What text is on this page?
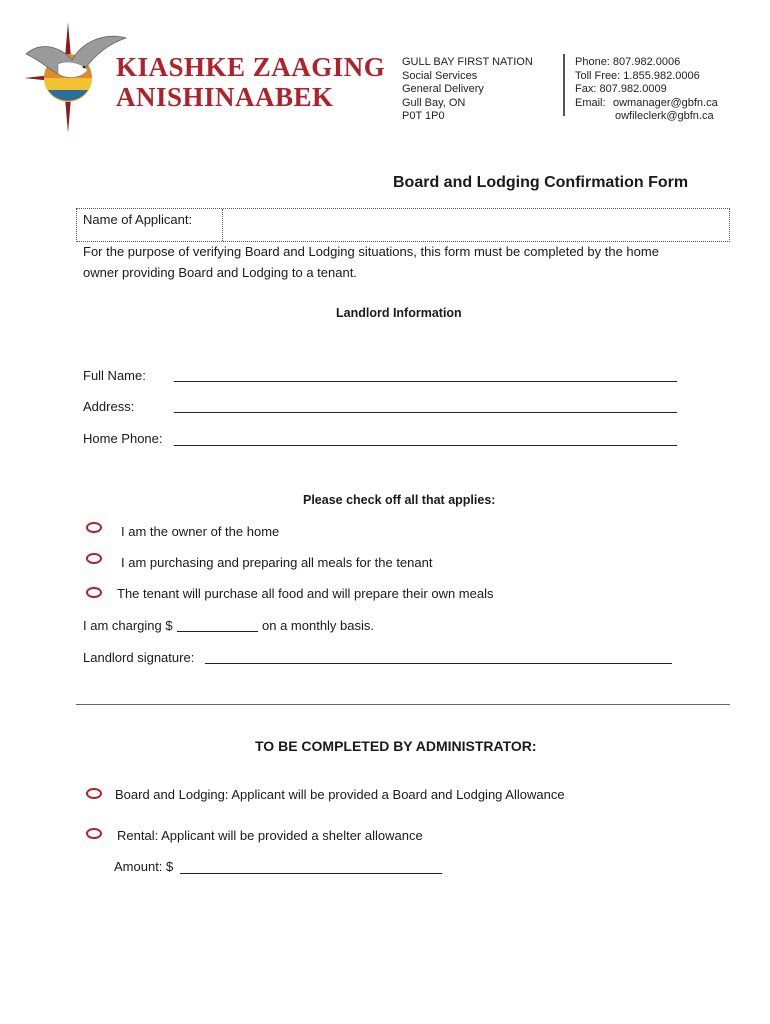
KIASHKE ZAAGING
ANISHINAABEK
GULL BAY FIRST NATION
Social Services
General Delivery
Gull Bay, ON
P0T 1P0
Phone: 807.982.0006
Toll Free: 1.855.982.0006
Fax: 807.982.0009
Email: owmanager@gbfn.ca
owfileclerk@gbfn.ca
Board and Lodging Confirmation Form
Name of Applicant:
For the purpose of verifying Board and Lodging situations, this form must be completed by the home
owner providing Board and Lodging to a tenant.
Landlord Information
Full Name:
Address:
Home Phone:
Please check off all that applies:
I am the owner of the home
I am purchasing and preparing all meals for the tenant
The tenant will purchase all food and will prepare their own meals
I am charging $	on a monthly basis.
Landlord signature:
TO BE COMPLETED BY ADMINISTRATOR:
Board and Lodging: Applicant will be provided a Board and Lodging Allowance
Rental: Applicant will be provided a shelter allowance
Amount: $
